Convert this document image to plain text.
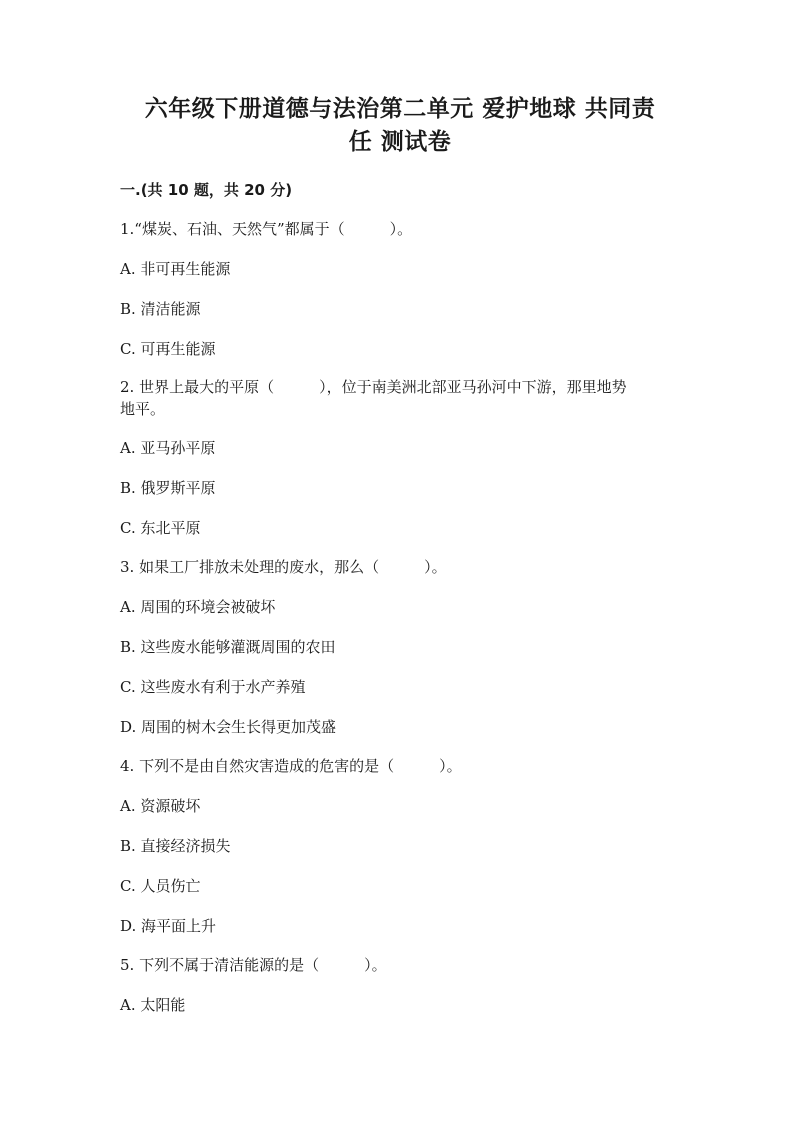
六年级下册道德与法治第二单元 爱护地球 共同责
任 测试卷
一.(共 10 题，共 20 分)
1.“煤炭、石油、天然气”都属于（　　　）。
A. 非可再生能源
B. 清洁能源
C. 可再生能源
2. 世界上最大的平原（　　　），位于南美洲北部亚马孙河中下游，那里地势
地平。
A. 亚马孙平原
B. 俄罗斯平原
C. 东北平原
3. 如果工厂排放未处理的废水，那么（　　　）。
A. 周围的环境会被破坏
B. 这些废水能够灌溉周围的农田
C. 这些废水有利于水产养殖
D. 周围的树木会生长得更加茂盛
4. 下列不是由自然灾害造成的危害的是（　　　）。
A. 资源破坏
B. 直接经济损失
C. 人员伤亡
D. 海平面上升
5. 下列不属于清洁能源的是（　　　）。
A. 太阳能
